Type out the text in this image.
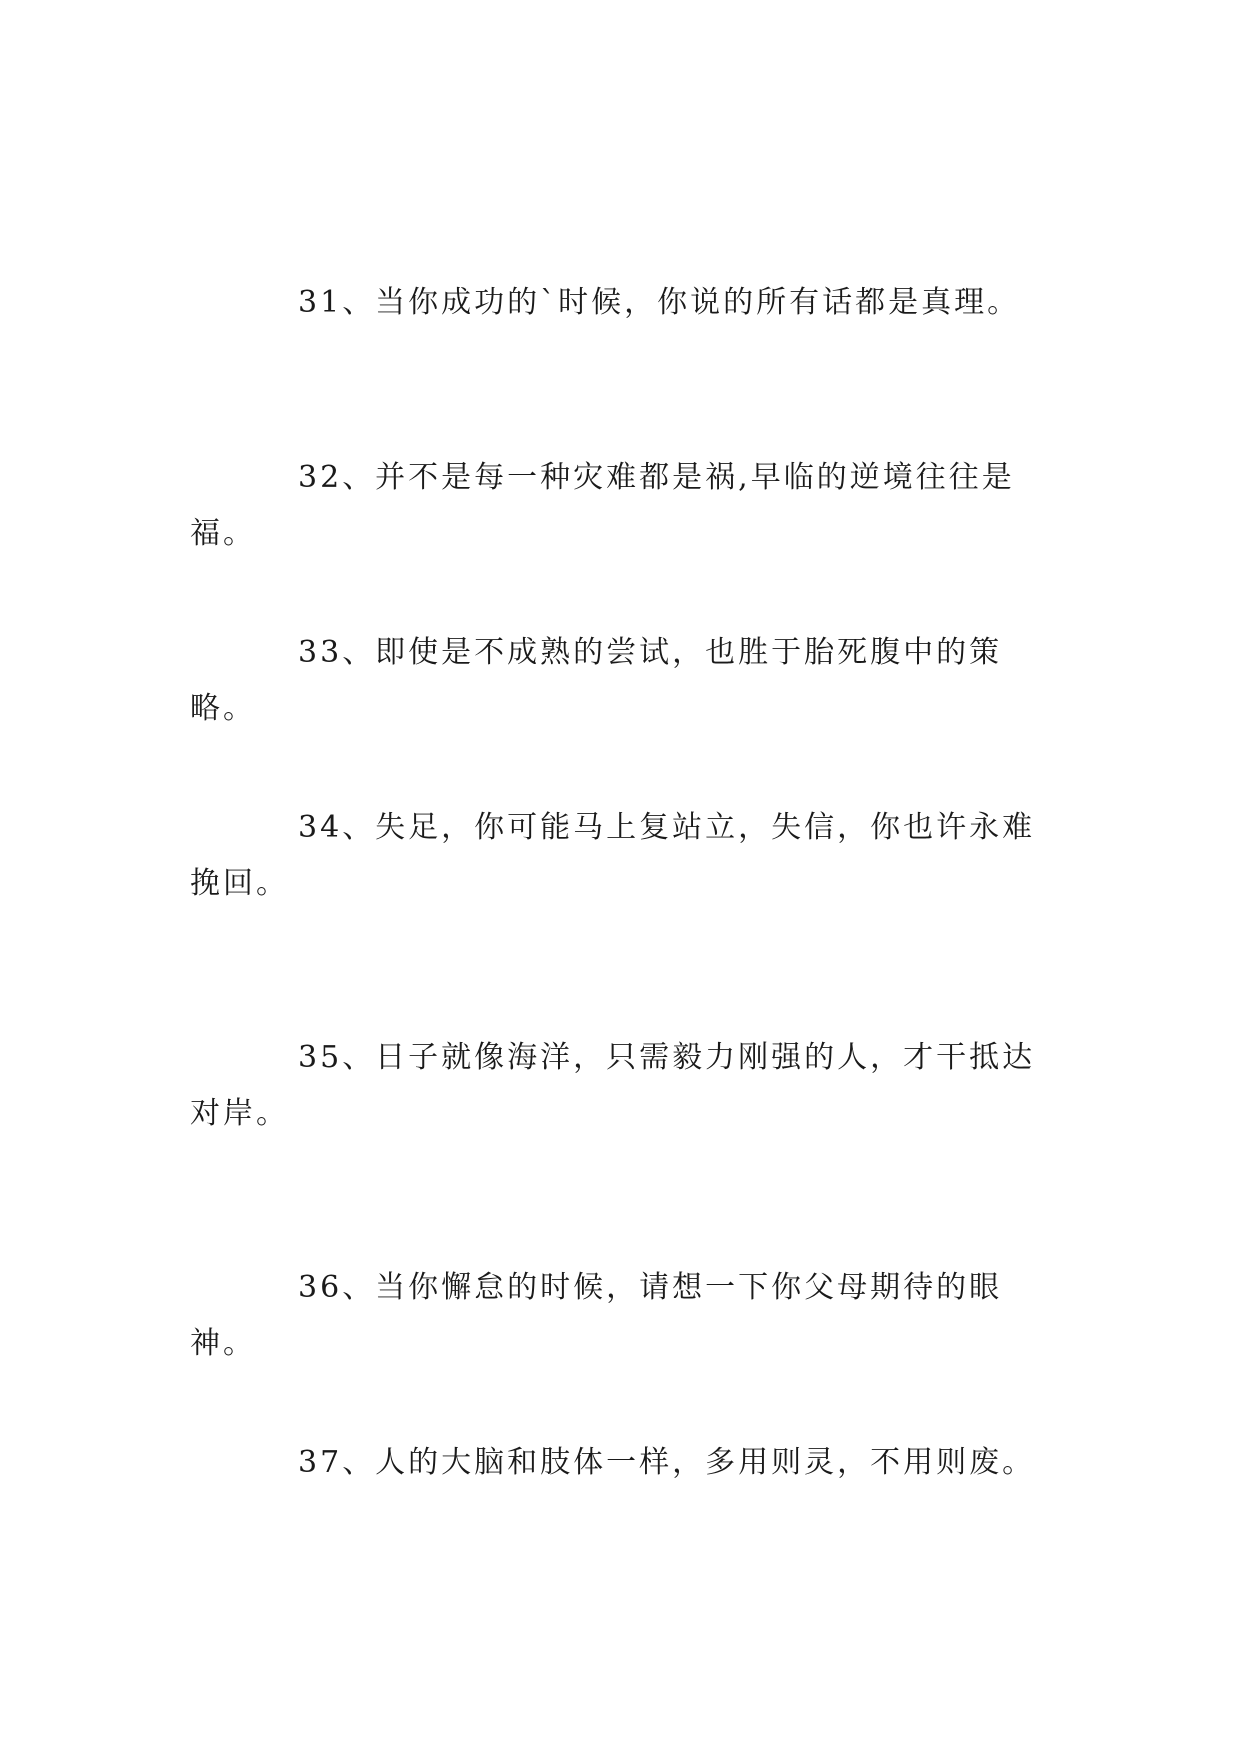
31、当你成功的`时候，你说的所有话都是真理。

32、并不是每一种灾难都是祸,早临的逆境往往是福。

33、即使是不成熟的尝试，也胜于胎死腹中的策略。

34、失足，你可能马上复站立，失信，你也许永难挽回。

35、日子就像海洋，只需毅力刚强的人，才干抵达对岸。

36、当你懈怠的时候，请想一下你父母期待的眼神。

37、人的大脑和肢体一样，多用则灵，不用则废。
